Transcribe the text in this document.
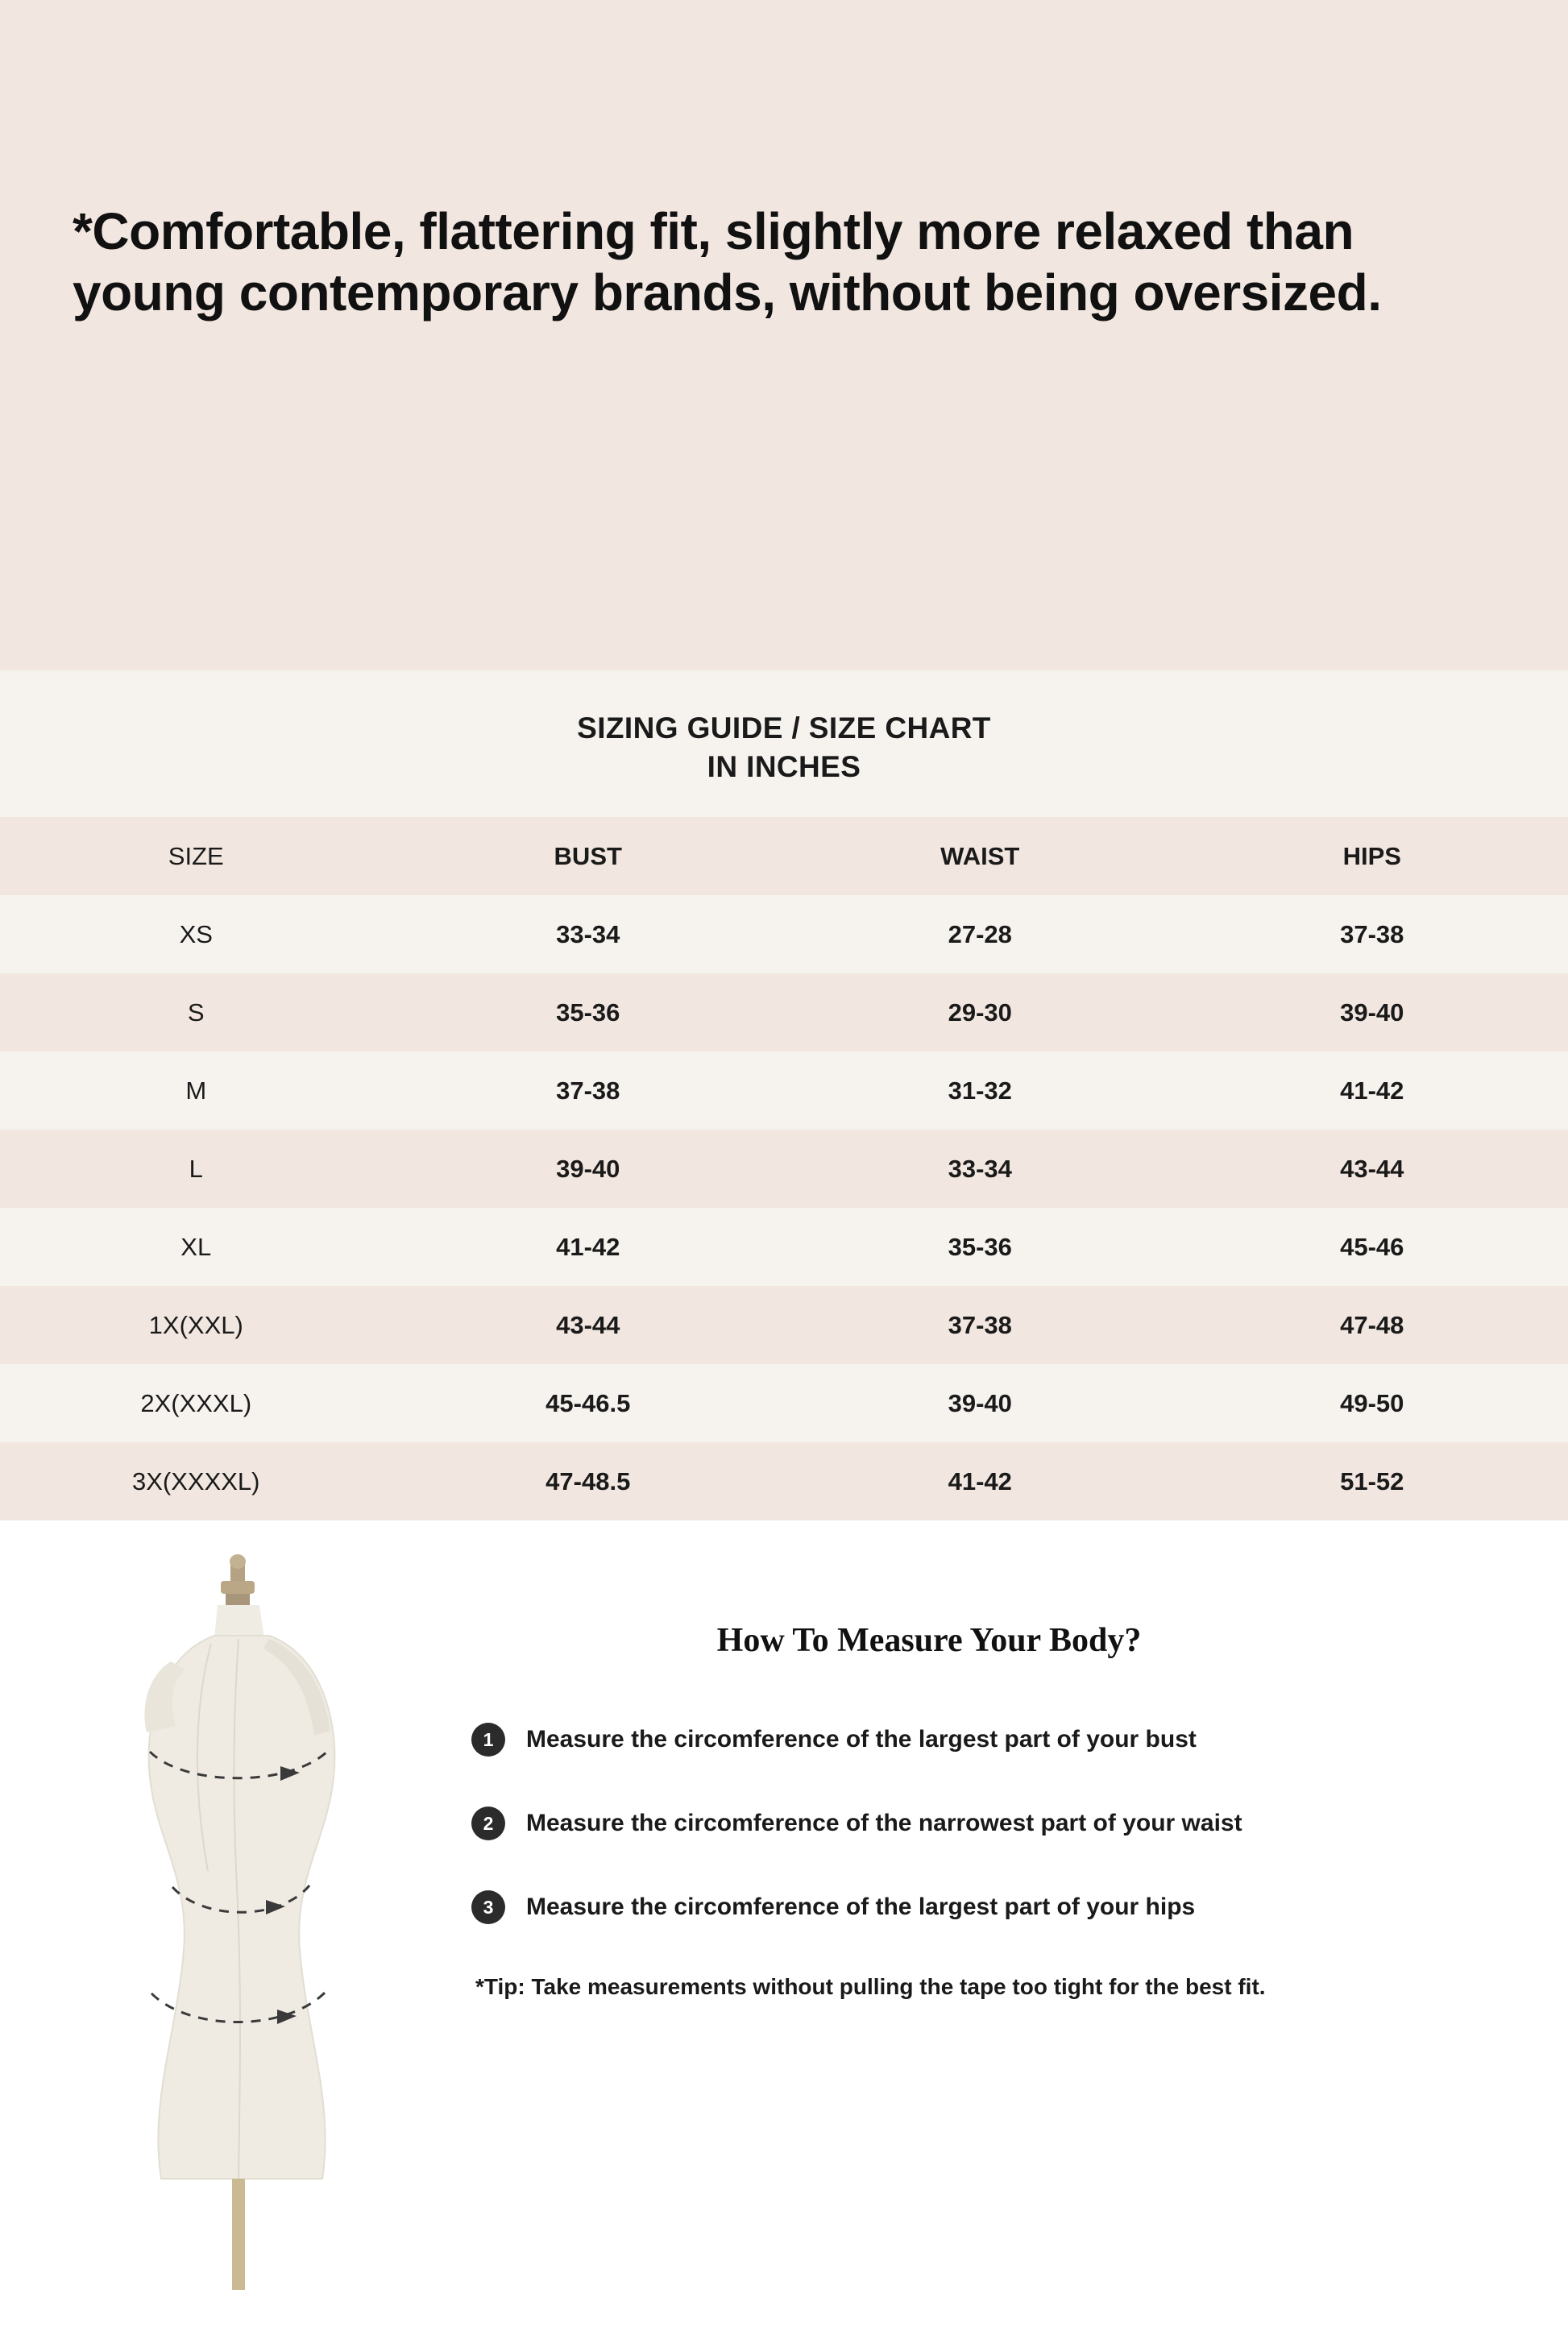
*Comfortable, flattering fit, slightly more relaxed than young contemporary brands, without being oversized.
SIZING GUIDE / SIZE CHART
IN INCHES
SIZE	BUST	WAIST	HIPS
XS	33-34	27-28	37-38
S	35-36	29-30	39-40
M	37-38	31-32	41-42
L	39-40	33-34	43-44
XL	41-42	35-36	45-46
1X(XXL)	43-44	37-38	47-48
2X(XXXL)	45-46.5	39-40	49-50
3X(XXXXL)	47-48.5	41-42	51-52
How To Measure Your Body?
1	Measure the circomference of the largest part of your bust
2	Measure the circomference of the narrowest part of your waist
3	Measure the circomference of the largest part of your hips
*Tip: Take measurements without pulling the tape too tight for the best fit.
